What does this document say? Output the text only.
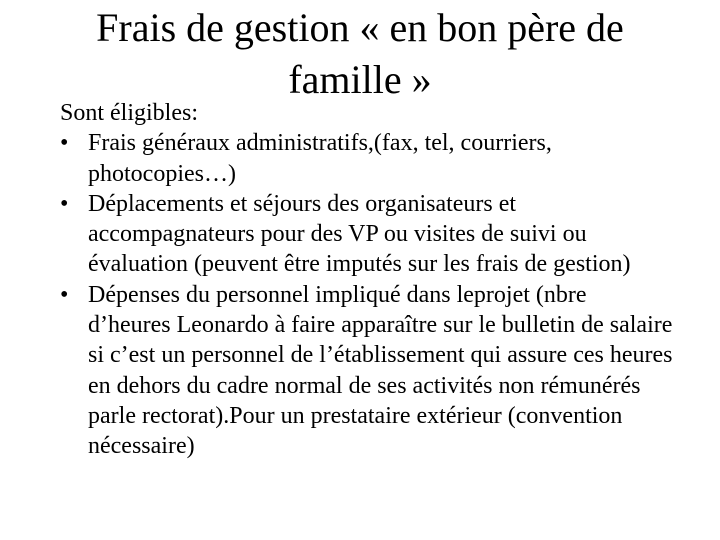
Frais de gestion « en bon père de famille »

Sont éligibles:

• Frais généraux administratifs,(fax, tel, courriers, photocopies…)
• Déplacements et séjours des organisateurs et accompagnateurs pour des VP ou visites de suivi ou évaluation (peuvent être imputés sur les frais de gestion)
• Dépenses du personnel impliqué dans leprojet (nbre d’heures Leonardo à faire apparaître sur le bulletin de salaire si c’est un personnel de l’établissement qui assure ces heures en dehors du cadre normal de ses activités non rémunérés parle rectorat).Pour un prestataire extérieur (convention nécessaire)
